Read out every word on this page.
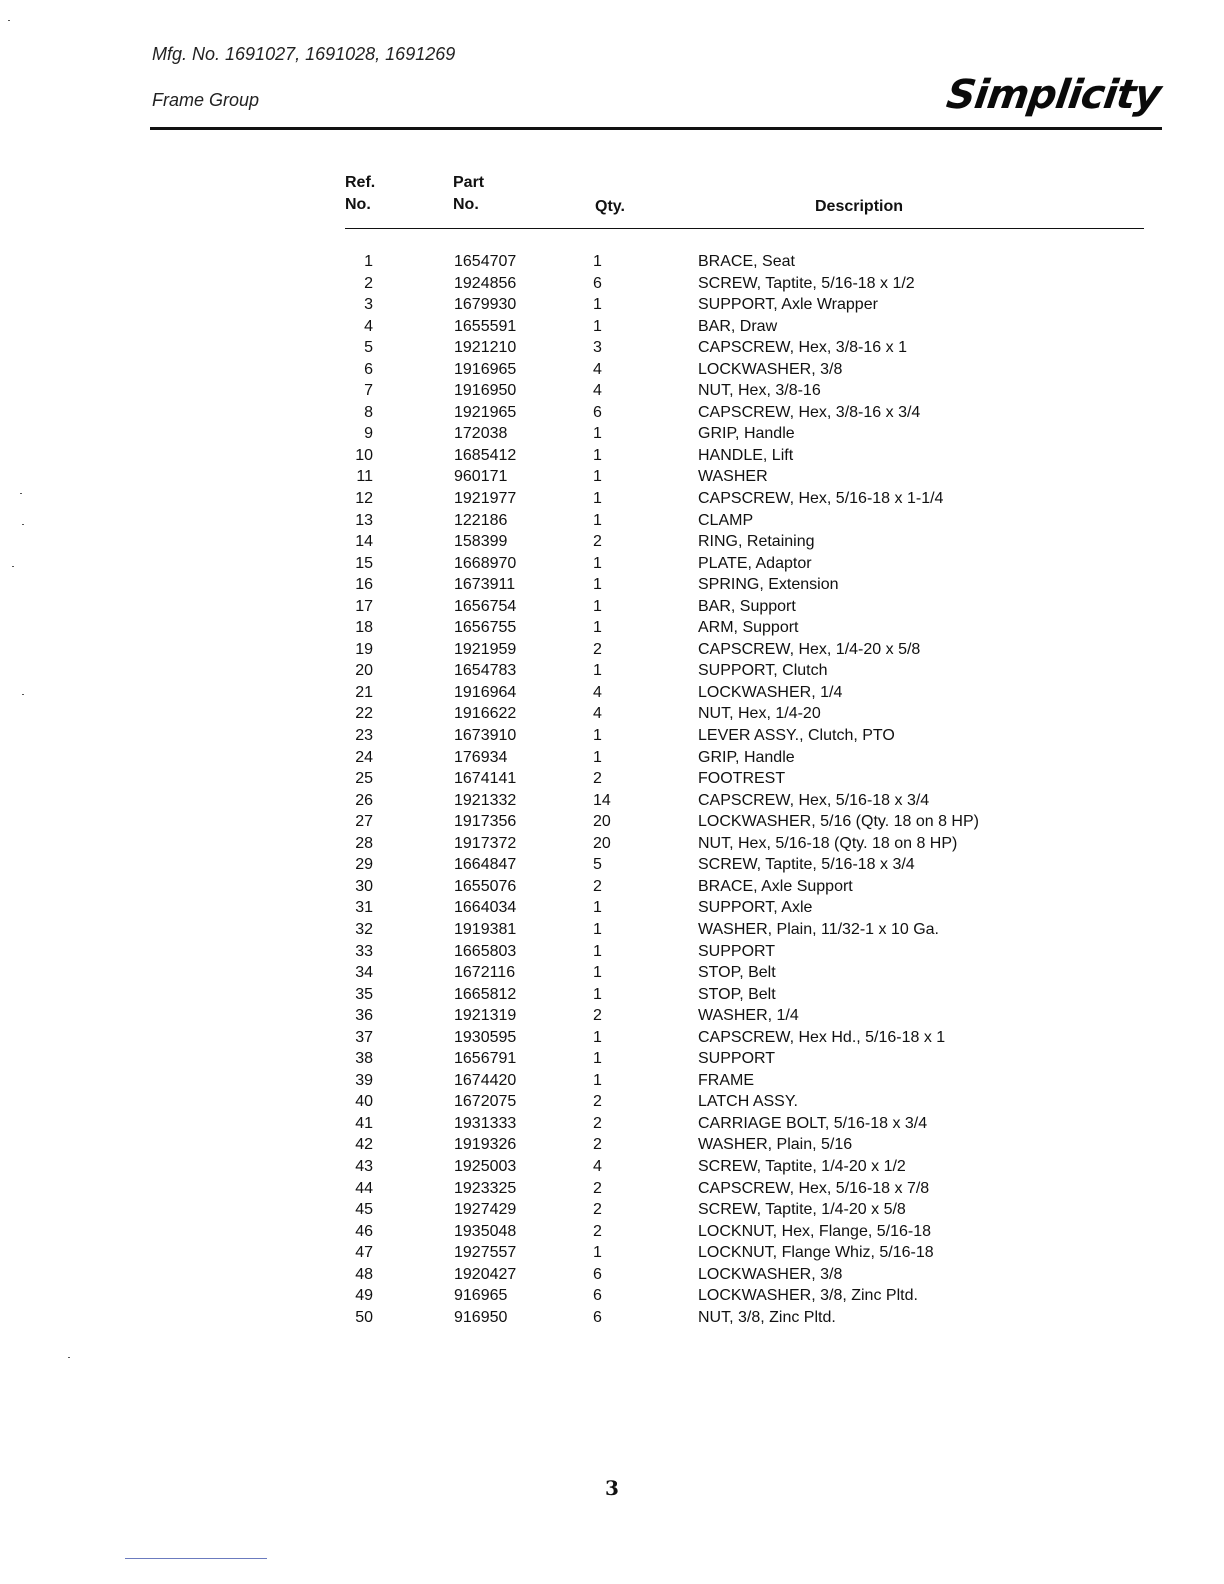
Mfg. No. 1691027, 1691028, 1691269
Frame Group	Simplicity
Ref.
No.
Part
No.	Qty.	Description
1	1654707	1	BRACE, Seat
2	1924856	6	SCREW, Taptite, 5/16-18 x 1/2
3	1679930	1	SUPPORT, Axle Wrapper
4	1655591	1	BAR, Draw
5	1921210	3	CAPSCREW, Hex, 3/8-16 x 1
6	1916965	4	LOCKWASHER, 3/8
7	1916950	4	NUT, Hex, 3/8-16
8	1921965	6	CAPSCREW, Hex, 3/8-16 x 3/4
9	172038	1	GRIP, Handle
10	1685412	1	HANDLE, Lift
11	960171	1	WASHER
12	1921977	1	CAPSCREW, Hex, 5/16-18 x 1-1/4
13	122186	1	CLAMP
14	158399	2	RING, Retaining
15	1668970	1	PLATE, Adaptor
16	1673911	1	SPRING, Extension
17	1656754	1	BAR, Support
18	1656755	1	ARM, Support
19	1921959	2	CAPSCREW, Hex, 1/4-20 x 5/8
20	1654783	1	SUPPORT, Clutch
21	1916964	4	LOCKWASHER, 1/4
22	1916622	4	NUT, Hex, 1/4-20
23	1673910	1	LEVER ASSY., Clutch, PTO
24	176934	1	GRIP, Handle
25	1674141	2	FOOTREST
26	1921332	14	CAPSCREW, Hex, 5/16-18 x 3/4
27	1917356	20	LOCKWASHER, 5/16 (Qty. 18 on 8 HP)
28	1917372	20	NUT, Hex, 5/16-18 (Qty. 18 on 8 HP)
29	1664847	5	SCREW, Taptite, 5/16-18 x 3/4
30	1655076	2	BRACE, Axle Support
31	1664034	1	SUPPORT, Axle
32	1919381	1	WASHER, Plain, 11/32-1 x 10 Ga.
33	1665803	1	SUPPORT
34	1672116	1	STOP, Belt
35	1665812	1	STOP, Belt
36	1921319	2	WASHER, 1/4
37	1930595	1	CAPSCREW, Hex Hd., 5/16-18 x 1
38	1656791	1	SUPPORT
39	1674420	1	FRAME
40	1672075	2	LATCH ASSY.
41	1931333	2	CARRIAGE BOLT, 5/16-18 x 3/4
42	1919326	2	WASHER, Plain, 5/16
43	1925003	4	SCREW, Taptite, 1/4-20 x 1/2
44	1923325	2	CAPSCREW, Hex, 5/16-18 x 7/8
45	1927429	2	SCREW, Taptite, 1/4-20 x 5/8
46	1935048	2	LOCKNUT, Hex, Flange, 5/16-18
47	1927557	1	LOCKNUT, Flange Whiz, 5/16-18
48	1920427	6	LOCKWASHER, 3/8
49	916965	6	LOCKWASHER, 3/8, Zinc Pltd.
50	916950	6	NUT, 3/8, Zinc Pltd.
3
